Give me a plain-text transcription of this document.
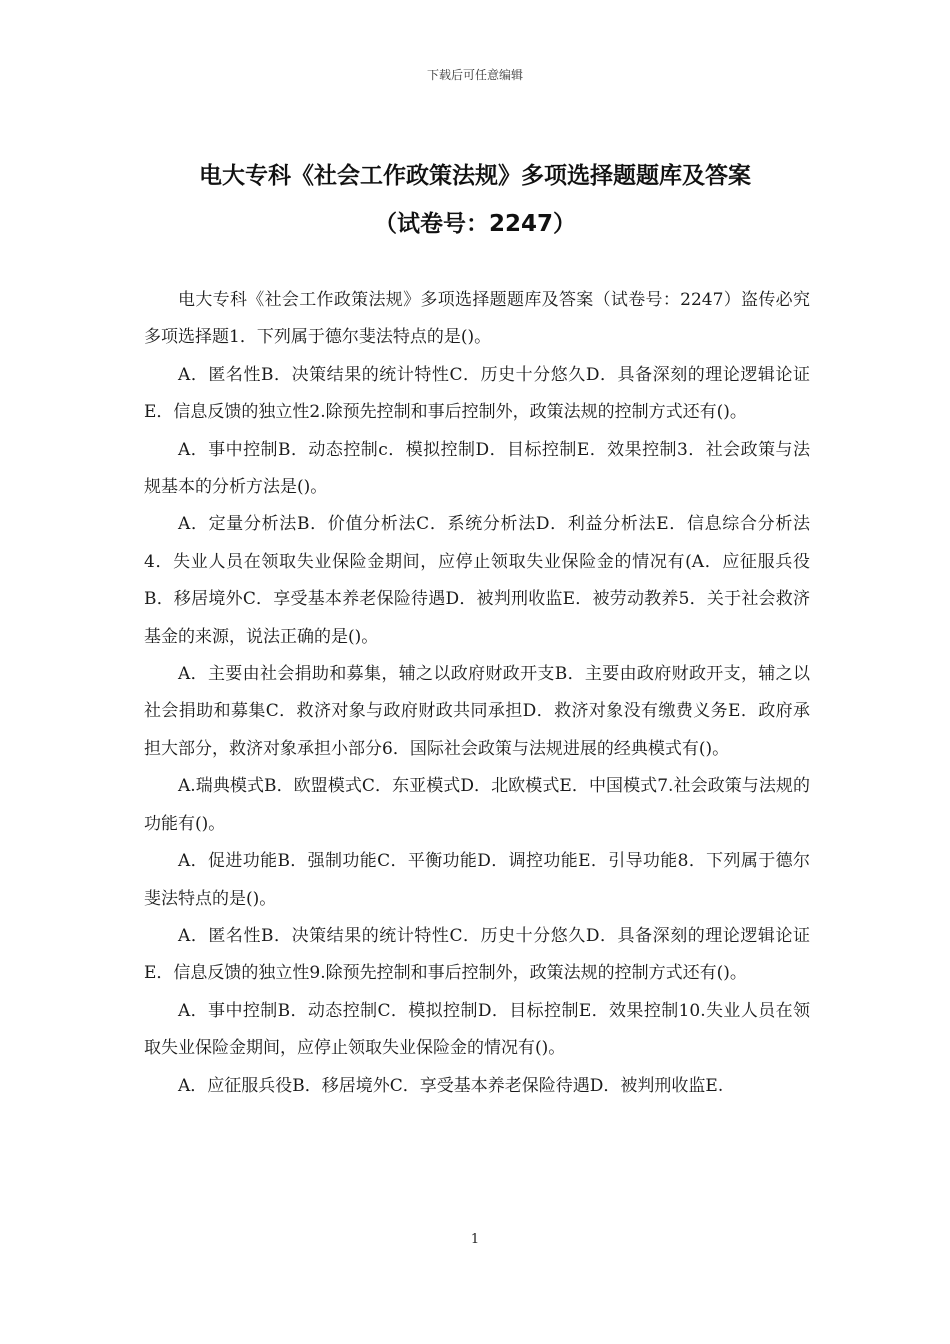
下载后可任意编辑
电大专科《社会工作政策法规》多项选择题题库及答案
（试卷号：2247）

电大专科《社会工作政策法规》多项选择题题库及答案（试卷号：2247）盗传必究多项选择题1．下列属于德尔斐法特点的是()。

A．匿名性B．决策结果的统计特性C．历史十分悠久D．具备深刻的理论逻辑论证E．信息反馈的独立性2.除预先控制和事后控制外，政策法规的控制方式还有()。

A．事中控制B．动态控制c．模拟控制D．目标控制E．效果控制3．社会政策与法规基本的分析方法是()。

A．定量分析法B．价值分析法C．系统分析法D．利益分析法E．信息综合分析法4．失业人员在领取失业保险金期间，应停止领取失业保险金的情况有(A．应征服兵役B．移居境外C．享受基本养老保险待遇D．被判刑收监E．被劳动教养5．关于社会救济基金的来源，说法正确的是()。

A．主要由社会捐助和募集，辅之以政府财政开支B．主要由政府财政开支，辅之以社会捐助和募集C．救济对象与政府财政共同承担D．救济对象没有缴费义务E．政府承担大部分，救济对象承担小部分6．国际社会政策与法规进展的经典模式有()。

A.瑞典模式B．欧盟模式C．东亚模式D．北欧模式E．中国模式7.社会政策与法规的功能有()。

A．促进功能B．强制功能C．平衡功能D．调控功能E．引导功能8．下列属于德尔斐法特点的是()。

A．匿名性B．决策结果的统计特性C．历史十分悠久D．具备深刻的理论逻辑论证E．信息反馈的独立性9.除预先控制和事后控制外，政策法规的控制方式还有()。

A．事中控制B．动态控制C．模拟控制D．目标控制E．效果控制10.失业人员在领取失业保险金期间，应停止领取失业保险金的情况有()。

A．应征服兵役B．移居境外C．享受基本养老保险待遇D．被判刑收监E.

1
